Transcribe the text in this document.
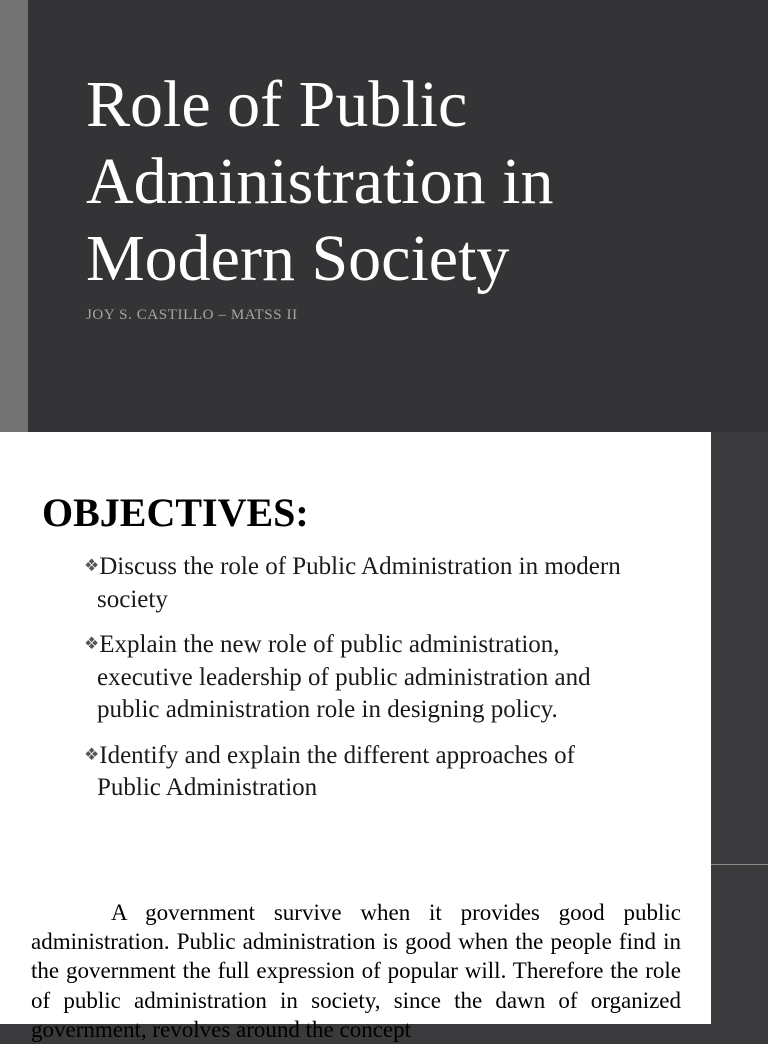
Role of Public Administration in Modern Society

JOY S. CASTILLO – MATSS II

OBJECTIVES:
❖Discuss the role of Public Administration in modern society
❖Explain the new role of public administration, executive leadership of public administration and public administration role in designing policy.
❖Identify and explain the different approaches of Public Administration

A government survive when it provides good public administration. Public administration is good when the people find in the government the full expression of popular will. Therefore the role of public administration in society, since the dawn of organized government, revolves around the concept
